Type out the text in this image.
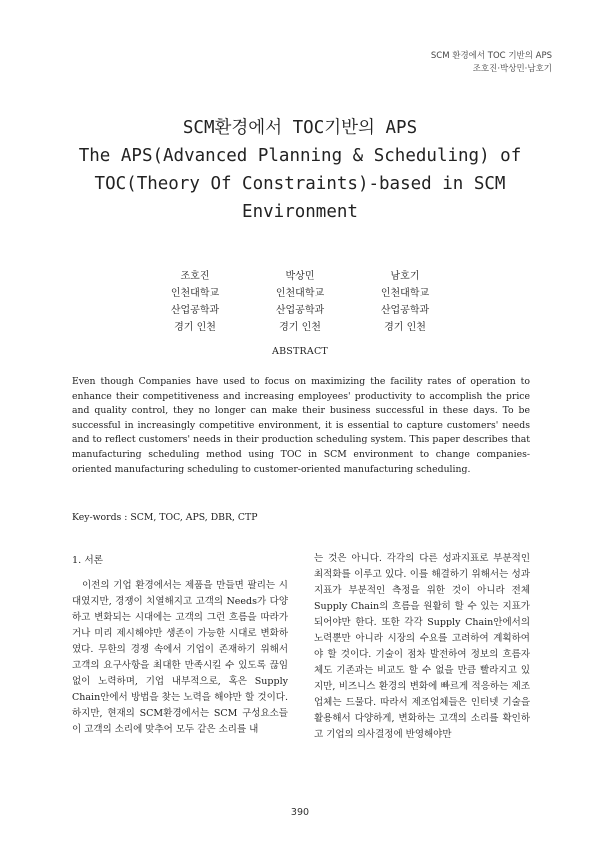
SCM 환경에서 TOC 기반의 APS
조호진·박상민·남호기
SCM환경에서 TOC기반의 APS
The APS(Advanced Planning & Scheduling) of
TOC(Theory Of Constraints)-based in SCM
Environment
조호진
인천대학교
산업공학과
경기 인천
박상민
인천대학교
산업공학과
경기 인천
남호기
인천대학교
산업공학과
경기 인천
ABSTRACT
Even though Companies have used to focus on maximizing the facility rates of operation to enhance their competitiveness and increasing employees' productivity to accomplish the price and quality control, they no longer can make their business successful in these days. To be successful in increasingly competitive environment, it is essential to capture customers' needs and to reflect customers' needs in their production scheduling system. This paper describes that manufacturing scheduling method using TOC in SCM environment to change companies-oriented manufacturing scheduling to customer-oriented manufacturing scheduling.
Key-words : SCM, TOC, APS, DBR, CTP
1. 서론

이전의 기업 환경에서는 제품을 만들면 팔리는 시대였지만, 경쟁이 치열해지고 고객의 Needs가 다양하고 변화되는 시대에는 고객의 그런 흐름을 따라가거나 미리 제시해야만 생존이 가능한 시대로 변화하였다. 무한의 경쟁 속에서 기업이 존재하기 위해서 고객의 요구사항을 최대한 만족시킬 수 있도록 끊임없이 노력하며, 기업 내부적으로, 혹은 Supply Chain안에서 방법을 찾는 노력을 해야만 할 것이다. 하지만, 현재의 SCM환경에서는 SCM 구성요소들이 고객의 소리에 맞추어 모두 같은 소리를 내

는 것은 아니다. 각각의 다른 성과지표로 부분적인 최적화를 이루고 있다. 이를 해결하기 위해서는 성과지표가 부분적인 측정을 위한 것이 아니라 전체 Supply Chain의 흐름을 원활히 할 수 있는 지표가 되어야만 한다. 또한 각각 Supply Chain안에서의 노력뿐만 아니라 시장의 수요를 고려하여 계획하여야 할 것이다. 기술이 점차 발전하여 정보의 흐름자체도 기존과는 비교도 할 수 없을 만큼 빨라지고 있지만, 비즈니스 환경의 변화에 빠르게 적응하는 제조업체는 드물다. 따라서 제조업체들은 인터넷 기술을 활용해서 다양하게, 변화하는 고객의 소리를 확인하고 기업의 의사결정에 반영해야만

390
